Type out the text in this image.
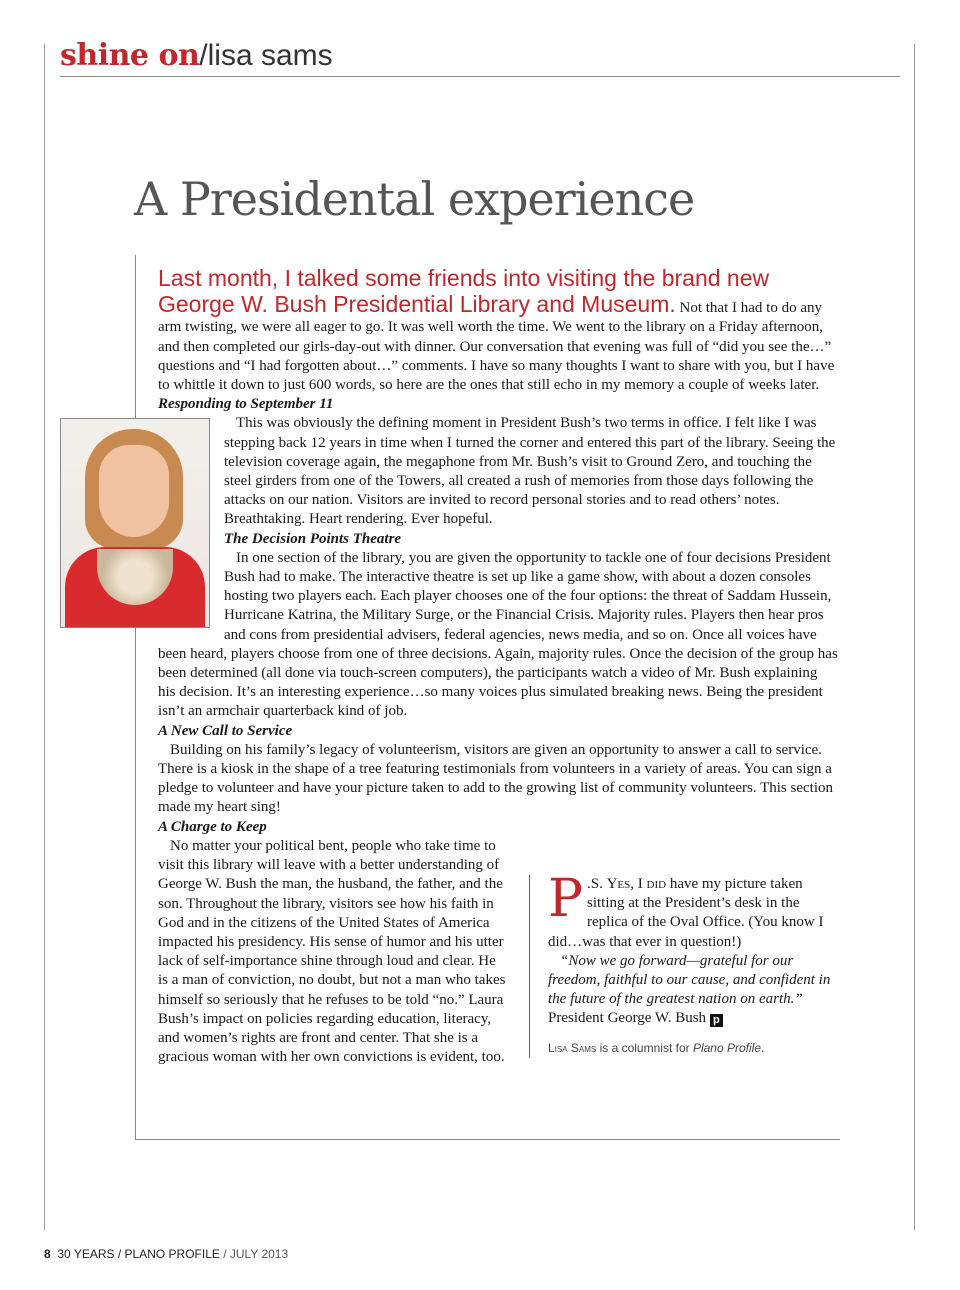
shine on/lisa sams
A Presidental experience

Last month, I talked some friends into visiting the brand new George W. Bush Presidential Library and Museum. Not that I had to do any arm twisting, we were all eager to go. It was well worth the time. We went to the library on a Friday afternoon, and then completed our girls-day-out with dinner. Our conversation that evening was full of “did you see the…” questions and “I had forgotten about…” comments. I have so many thoughts I want to share with you, but I have to whittle it down to just 600 words, so here are the ones that still echo in my memory a couple of weeks later.

Responding to September 11

This was obviously the defining moment in President Bush’s two terms in office. I felt like I was stepping back 12 years in time when I turned the corner and entered this part of the library. Seeing the television coverage again, the megaphone from Mr. Bush’s visit to Ground Zero, and touching the steel girders from one of the Towers, all created a rush of memories from those days following the attacks on our nation. Visitors are invited to record personal stories and to read others’ notes. Breathtaking. Heart rendering. Ever hopeful.

The Decision Points Theatre

In one section of the library, you are given the opportunity to tackle one of four decisions President Bush had to make. The interactive theatre is set up like a game show, with about a dozen consoles hosting two players each. Each player chooses one of the four options: the threat of Saddam Hussein, Hurricane Katrina, the Military Surge, or the Financial Crisis. Majority rules. Players then hear pros and cons from presidential advisers, federal agencies, news media, and so on. Once all voices have been heard, players choose from one of three decisions. Again, majority rules. Once the decision of the group has been determined (all done via touch-screen computers), the participants watch a video of Mr. Bush explaining his decision. It’s an interesting experience…so many voices plus simulated breaking news. Being the president isn’t an armchair quarterback kind of job.

A New Call to Service

Building on his family’s legacy of volunteerism, visitors are given an opportunity to answer a call to service. There is a kiosk in the shape of a tree featuring testimonials from volunteers in a variety of areas. You can sign a pledge to volunteer and have your picture taken to add to the growing list of community volunteers. This section made my heart sing!

A Charge to Keep

P .S. Yes, I did have my picture taken sitting at the President’s desk in the replica of the Oval Office. (You know I did…was that ever in question!)

“Now we go forward—grateful for our freedom, faithful to our cause, and confident in the future of the greatest nation on earth.”

President George W. Bush p

Lisa Sams is a columnist for Plano Profile.

No matter your political bent, people who take time to visit this library will leave with a better understanding of George W. Bush the man, the husband, the father, and the son. Throughout the library, visitors see how his faith in God and in the citizens of the United States of America impacted his presidency. His sense of humor and his utter lack of self-importance shine through loud and clear. He is a man of conviction, no doubt, but not a man who takes himself so seriously that he refuses to be told “no.” Laura Bush’s impact on policies regarding education, literacy, and women’s rights are front and center. That she is a gracious woman with her own convictions is evident, too.

8 30 YEARS / PLANO PROFILE / JULY 2013
